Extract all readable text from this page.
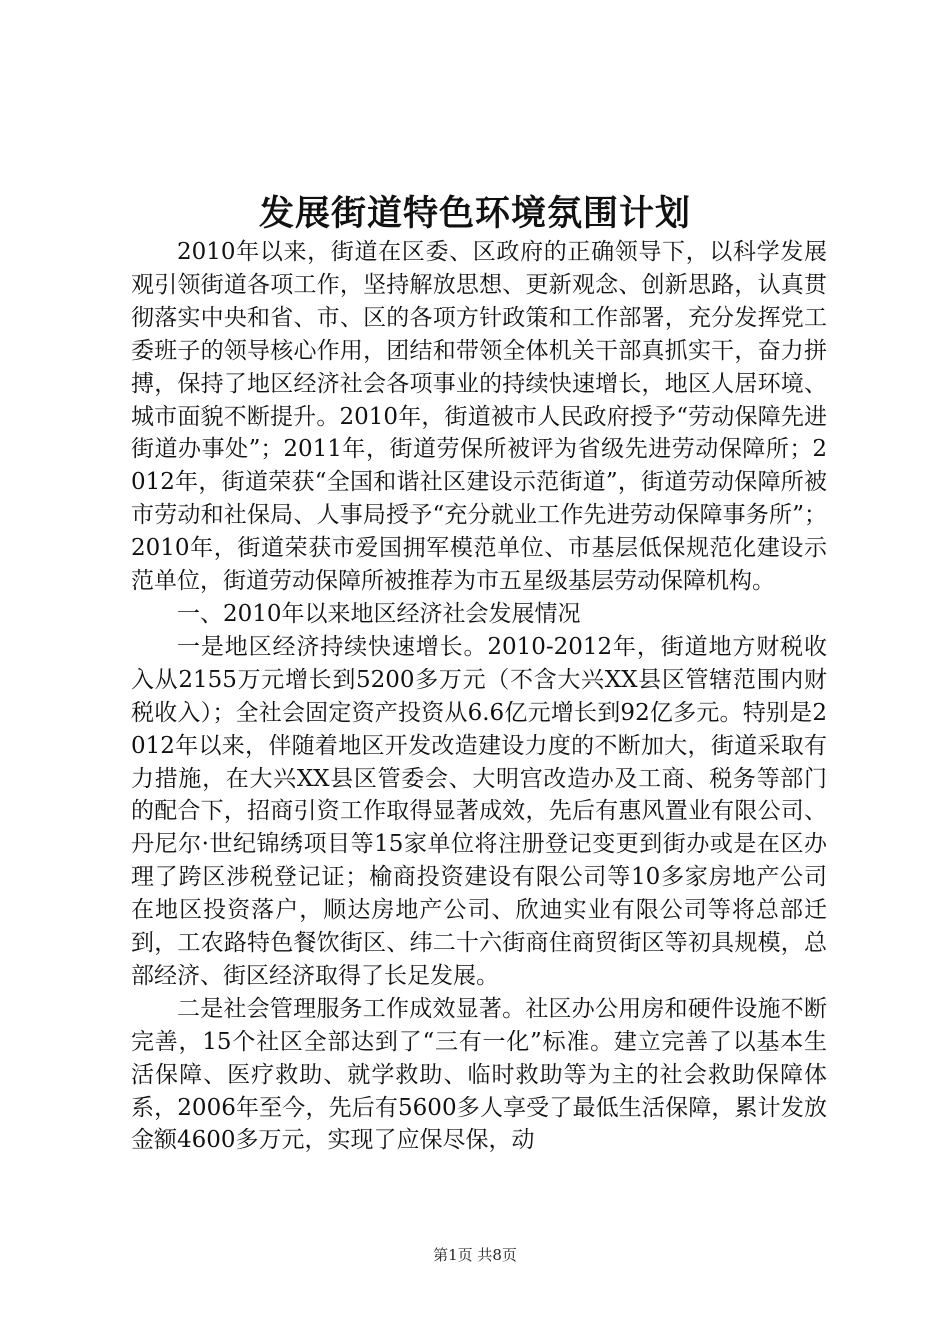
发展街道特色环境氛围计划

2010年以来，街道在区委、区政府的正确领导下，以科学发展观引领街道各项工作，坚持解放思想、更新观念、创新思路，认真贯彻落实中央和省、市、区的各项方针政策和工作部署，充分发挥党工委班子的领导核心作用，团结和带领全体机关干部真抓实干，奋力拼搏，保持了地区经济社会各项事业的持续快速增长，地区人居环境、城市面貌不断提升。2010年，街道被市人民政府授予“劳动保障先进街道办事处”；2011年，街道劳保所被评为省级先进劳动保障所；2012年，街道荣获“全国和谐社区建设示范街道”，街道劳动保障所被市劳动和社保局、人事局授予“充分就业工作先进劳动保障事务所”；2010年，街道荣获市爱国拥军模范单位、市基层低保规范化建设示范单位，街道劳动保障所被推荐为市五星级基层劳动保障机构。

一、2010年以来地区经济社会发展情况

一是地区经济持续快速增长。2010-2012年，街道地方财税收入从2155万元增长到5200多万元（不含大兴XX县区管辖范围内财税收入）；全社会固定资产投资从6.6亿元增长到92亿多元。特别是2012年以来，伴随着地区开发改造建设力度的不断加大，街道采取有力措施，在大兴XX县区管委会、大明宫改造办及工商、税务等部门的配合下，招商引资工作取得显著成效，先后有惠风置业有限公司、丹尼尔·世纪锦绣项目等15家单位将注册登记变更到街办或是在区办理了跨区涉税登记证；榆商投资建设有限公司等10多家房地产公司在地区投资落户，顺达房地产公司、欣迪实业有限公司等将总部迁到，工农路特色餐饮街区、纬二十六街商住商贸街区等初具规模，总部经济、街区经济取得了长足发展。

二是社会管理服务工作成效显著。社区办公用房和硬件设施不断完善，15个社区全部达到了“三有一化”标准。建立完善了以基本生活保障、医疗救助、就学救助、临时救助等为主的社会救助保障体系，2006年至今，先后有5600多人享受了最低生活保障，累计发放金额4600多万元，实现了应保尽保，动

第1页 共8页
